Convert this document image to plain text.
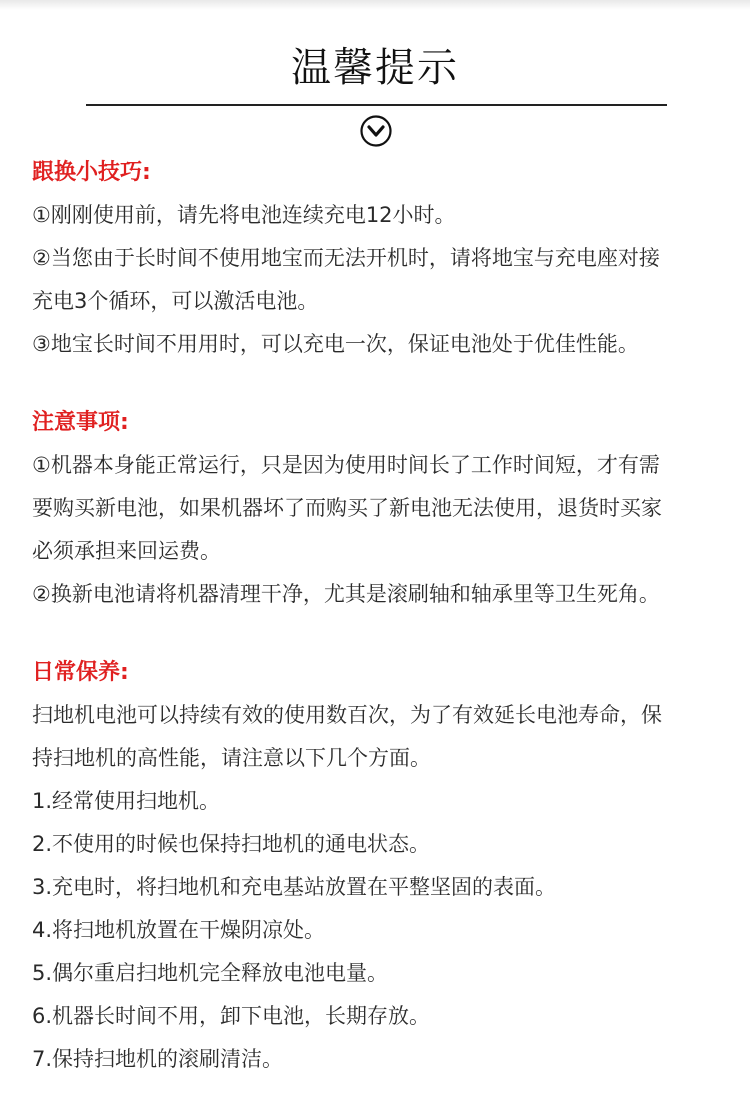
温馨提示
跟换小技巧:
①刚刚使用前，请先将电池连续充电12小时。
②当您由于长时间不使用地宝而无法开机时，请将地宝与充电座对接
充电3个循环，可以激活电池。
③地宝长时间不用用时，可以充电一次，保证电池处于优佳性能。
注意事项:
①机器本身能正常运行，只是因为使用时间长了工作时间短，才有需
要购买新电池，如果机器坏了而购买了新电池无法使用，退货时买家
必须承担来回运费。
②换新电池请将机器清理干净，尤其是滚刷轴和轴承里等卫生死角。
日常保养:
扫地机电池可以持续有效的使用数百次，为了有效延长电池寿命，保
持扫地机的高性能，请注意以下几个方面。
1.经常使用扫地机。
2.不使用的时候也保持扫地机的通电状态。
3.充电时，将扫地机和充电基站放置在平整坚固的表面。
4.将扫地机放置在干燥阴凉处。
5.偶尔重启扫地机完全释放电池电量。
6.机器长时间不用，卸下电池，长期存放。
7.保持扫地机的滚刷清洁。
